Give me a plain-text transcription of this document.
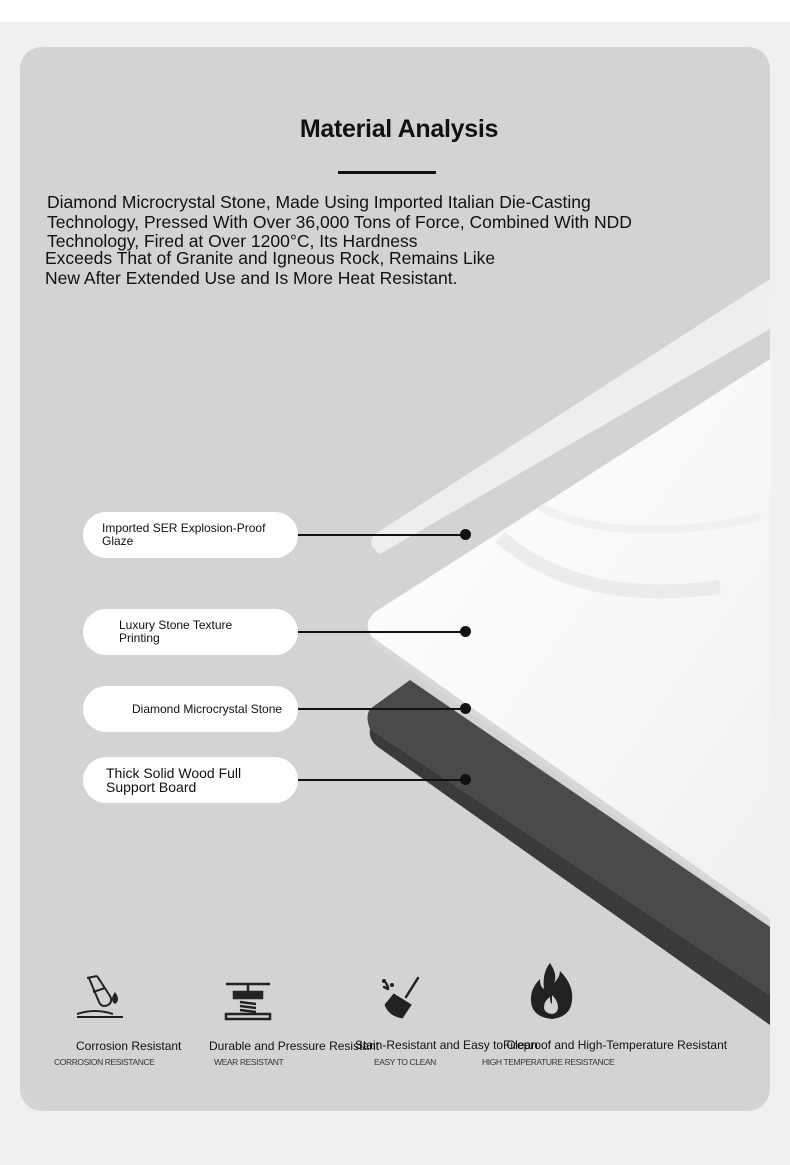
Material Analysis
Diamond Microcrystal Stone, Made Using Imported Italian Die-Casting
Technology, Pressed With Over 36,000 Tons of Force, Combined With NDD
Technology, Fired at Over 1200°C, Its Hardness
Exceeds That of Granite and Igneous Rock, Remains Like
New After Extended Use and Is More Heat Resistant.
Imported SER Explosion-Proof Glaze
Luxury Stone Texture
Printing
Diamond Microcrystal Stone
Thick Solid Wood Full
Support Board
Corrosion Resistant
CORROSION RESISTANCE
Durable and Pressure Resistant
WEAR RESISTANT
Stain-Resistant and Easy to Clean
EASY TO CLEAN
Fireproof and High-Temperature Resistant
HIGH TEMPERATURE RESISTANCE
